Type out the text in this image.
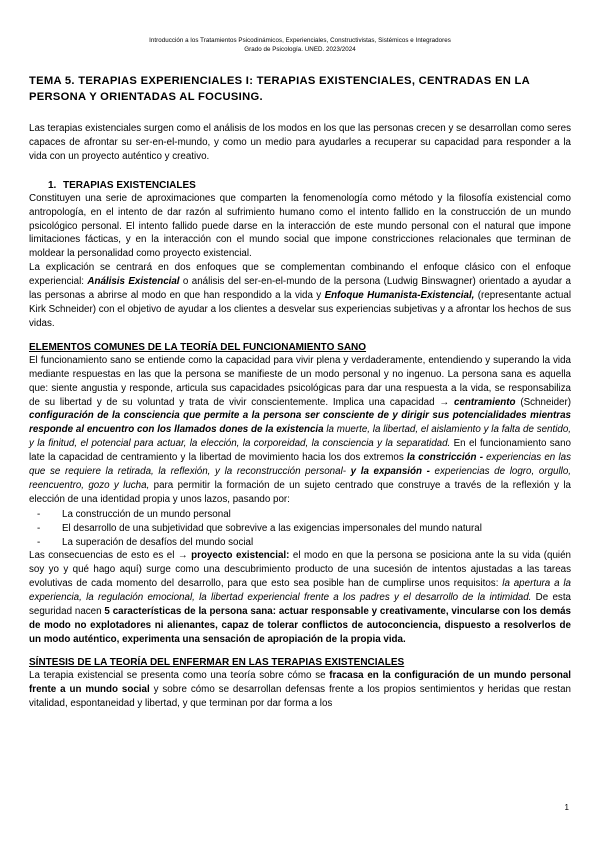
Introducción a los Tratamientos Psicodinámicos, Experienciales, Constructivistas, Sistémicos e Integradores
Grado de Psicología. UNED. 2023/2024
TEMA 5. TERAPIAS EXPERIENCIALES I: TERAPIAS EXISTENCIALES, CENTRADAS EN LA PERSONA Y ORIENTADAS AL FOCUSING.

Las terapias existenciales surgen como el análisis de los modos en los que las personas crecen y se desarrollan como seres capaces de afrontar su ser-en-el-mundo, y como un medio para ayudarles a recuperar su capacidad para responder a la vida con un proyecto auténtico y creativo.

1. TERAPIAS EXISTENCIALES

Constituyen una serie de aproximaciones que comparten la fenomenología como método y la filosofía existencial como antropología, en el intento de dar razón al sufrimiento humano como el intento fallido en la construcción de un mundo psicológico personal. El intento fallido puede darse en la interacción de este mundo personal con el natural que impone limitaciones fácticas, y en la interacción con el mundo social que impone constricciones relacionales que terminan de moldear la personalidad como proyecto existencial.

La explicación se centrará en dos enfoques que se complementan combinando el enfoque clásico con el enfoque experiencial: Análisis Existencial o análisis del ser-en-el-mundo de la persona (Ludwig Binswagner) orientado a ayudar a las personas a abrirse al modo en que han respondido a la vida y Enfoque Humanista-Existencial, (representante actual Kirk Schneider) con el objetivo de ayudar a los clientes a desvelar sus experiencias subjetivas y a afrontar los hechos de sus vidas.

ELEMENTOS COMUNES DE LA TEORÍA DEL FUNCIONAMIENTO SANO

El funcionamiento sano se entiende como la capacidad para vivir plena y verdaderamente, entendiendo y superando la vida mediante respuestas en las que la persona se manifieste de un modo personal y no ingenuo. La persona sana es aquella que: siente angustia y responde, articula sus capacidades psicológicas para dar una respuesta a la vida, se responsabiliza de su libertad y de su voluntad y trata de vivir conscientemente. Implica una capacidad → centramiento (Schneider) configuración de la consciencia que permite a la persona ser consciente de y dirigir sus potencialidades mientras responde al encuentro con los llamados dones de la existencia la muerte, la libertad, el aislamiento y la falta de sentido, y la finitud, el potencial para actuar, la elección, la corporeidad, la consciencia y la separatidad. En el funcionamiento sano late la capacidad de centramiento y la libertad de movimiento hacia los dos extremos la constricción - experiencias en las que se requiere la retirada, la reflexión, y la reconstrucción personal- y la expansión - experiencias de logro, orgullo, reencuentro, gozo y lucha, para permitir la formación de un sujeto centrado que construye a través de la reflexión y la elección de una identidad propia y unos lazos, pasando por:

- La construcción de un mundo personal
- El desarrollo de una subjetividad que sobrevive a las exigencias impersonales del mundo natural
- La superación de desafíos del mundo social

Las consecuencias de esto es el → proyecto existencial: el modo en que la persona se posiciona ante la su vida (quién soy yo y qué hago aquí) surge como una descubrimiento producto de una sucesión de intentos ajustadas a las tareas evolutivas de cada momento del desarrollo, para que esto sea posible han de cumplirse unos requisitos: la apertura a la experiencia, la regulación emocional, la libertad experiencial frente a los padres y el desarrollo de la intimidad. De esta seguridad nacen 5 características de la persona sana: actuar responsable y creativamente, vincularse con los demás de modo no explotadores ni alienantes, capaz de tolerar conflictos de autoconciencia, dispuesto a resolverlos de un modo auténtico, experimenta una sensación de apropiación de la propia vida.

SÍNTESIS DE LA TEORÍA DEL ENFERMAR EN LAS TERAPIAS EXISTENCIALES

La terapia existencial se presenta como una teoría sobre cómo se fracasa en la configuración de un mundo personal frente a un mundo social y sobre cómo se desarrollan defensas frente a los propios sentimientos y heridas que restan vitalidad, espontaneidad y libertad, y que terminan por dar forma a los

1
